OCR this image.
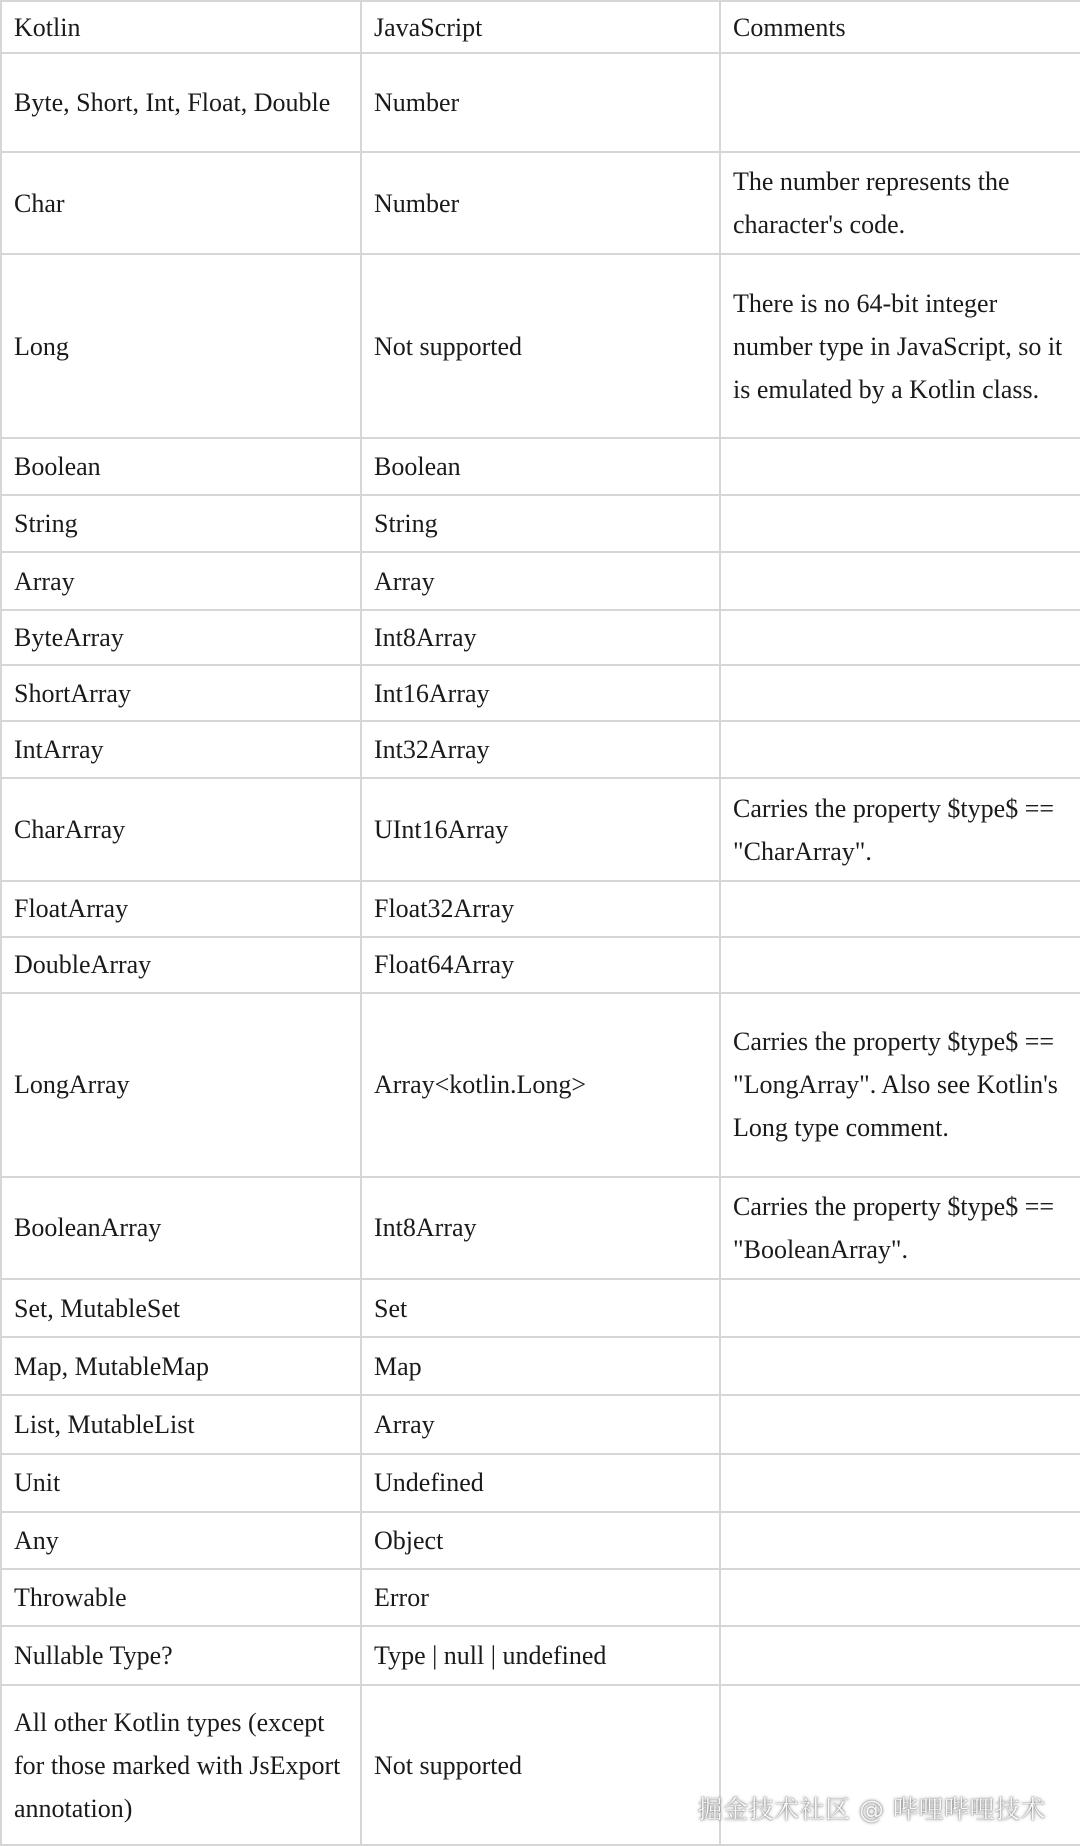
Kotlin	JavaScript	Comments
Byte, Short, Int, Float, Double	Number	
Char	Number	The number represents the character's code.
Long	Not supported	There is no 64-bit integer number type in JavaScript, so it is emulated by a Kotlin class.
Boolean	Boolean	
String	String	
Array	Array	
ByteArray	Int8Array	
ShortArray	Int16Array	
IntArray	Int32Array	
CharArray	UInt16Array	Carries the property $type$ == "CharArray".
FloatArray	Float32Array	
DoubleArray	Float64Array	
LongArray	Array<kotlin.Long>	Carries the property $type$ == "LongArray". Also see Kotlin's Long type comment.
BooleanArray	Int8Array	Carries the property $type$ == "BooleanArray".
Set, MutableSet	Set	
Map, MutableMap	Map	
List, MutableList	Array	
Unit	Undefined	
Any	Object	
Throwable	Error	
Nullable Type?	Type | null | undefined	
All other Kotlin types (except for those marked with JsExport annotation)	Not supported	
掘金技术社区 @ 哔哩哔哩技术
